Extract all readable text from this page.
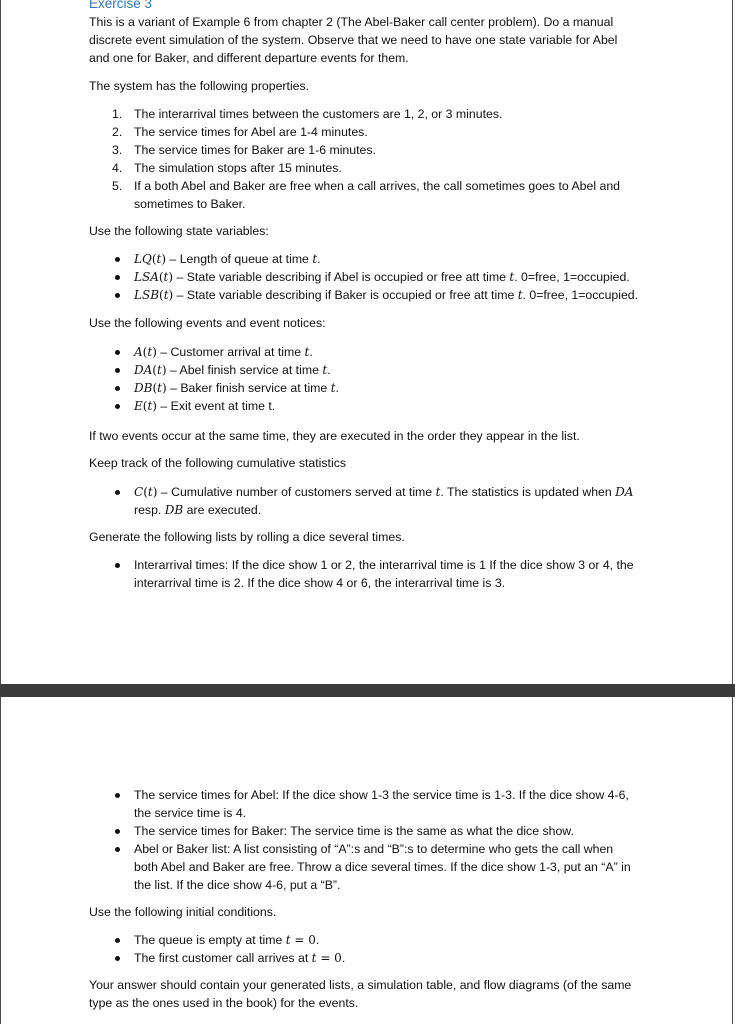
Exercise 3
This is a variant of Example 6 from chapter 2 (The Abel-Baker call center problem). Do a manual
discrete event simulation of the system. Observe that we need to have one state variable for Abel
and one for Baker, and different departure events for them.
The system has the following properties.
1. The interarrival times between the customers are 1, 2, or 3 minutes.
2. The service times for Abel are 1-4 minutes.
3. The service times for Baker are 1-6 minutes.
4. The simulation stops after 15 minutes.
5. If a both Abel and Baker are free when a call arrives, the call sometimes goes to Abel and
sometimes to Baker.
Use the following state variables:
LQ(t) – Length of queue at time t.
LSA(t) – State variable describing if Abel is occupied or free att time t. 0=free, 1=occupied.
LSB(t) – State variable describing if Baker is occupied or free att time t. 0=free, 1=occupied.
Use the following events and event notices:
A(t) – Customer arrival at time t.
DA(t) – Abel finish service at time t.
DB(t) – Baker finish service at time t.
E(t) – Exit event at time t.
If two events occur at the same time, they are executed in the order they appear in the list.
Keep track of the following cumulative statistics
C(t) – Cumulative number of customers served at time t. The statistics is updated when DA
resp. DB are executed.
Generate the following lists by rolling a dice several times.
Interarrival times: If the dice show 1 or 2, the interarrival time is 1 If the dice show 3 or 4, the
interarrival time is 2. If the dice show 4 or 6, the interarrival time is 3.
The service times for Abel: If the dice show 1-3 the service time is 1-3. If the dice show 4-6,
the service time is 4.
The service times for Baker: The service time is the same as what the dice show.
Abel or Baker list: A list consisting of “A”:s and “B”:s to determine who gets the call when
both Abel and Baker are free. Throw a dice several times. If the dice show 1-3, put an “A” in
the list. If the dice show 4-6, put a “B”.
Use the following initial conditions.
The queue is empty at time t = 0.
The first customer call arrives at t = 0.
Your answer should contain your generated lists, a simulation table, and flow diagrams (of the same
type as the ones used in the book) for the events.
